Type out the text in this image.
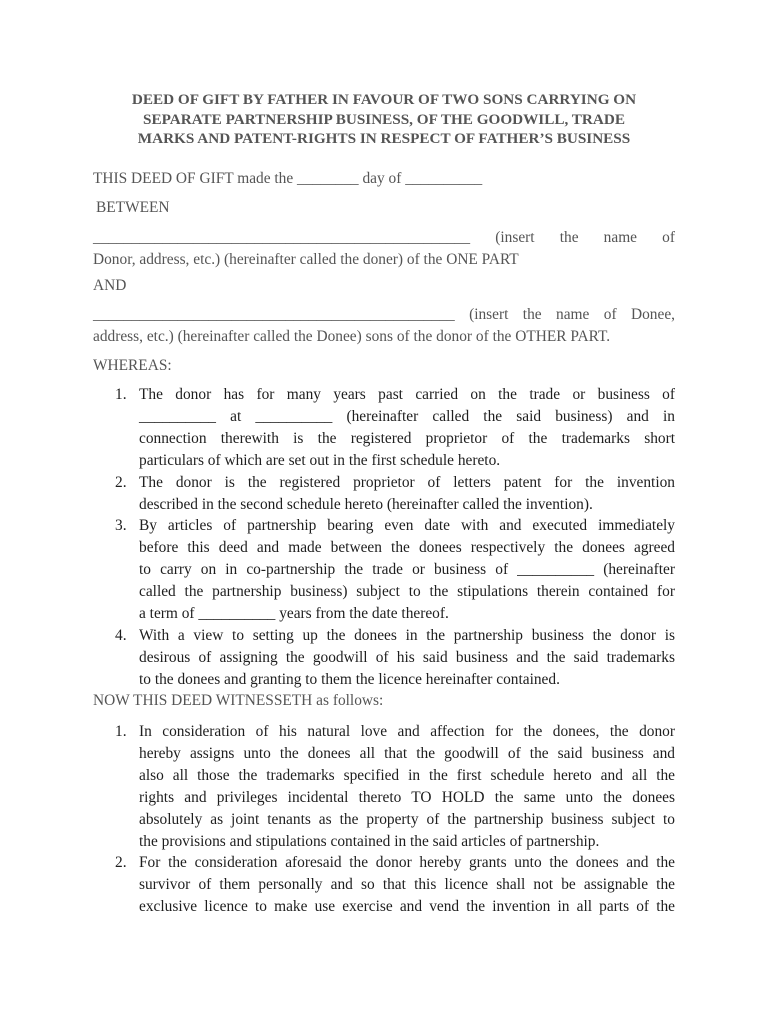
DEED OF GIFT BY FATHER IN FAVOUR OF TWO SONS CARRYING ON
SEPARATE PARTNERSHIP BUSINESS, OF THE GOODWILL, TRADE
MARKS AND PATENT-RIGHTS IN RESPECT OF FATHER’S BUSINESS
THIS DEED OF GIFT made the ________ day of __________
BETWEEN
_________________________________________________ (insert the name of
Donor, address, etc.) (hereinafter called the doner) of the ONE PART
AND
_______________________________________________ (insert the name of Donee,
address, etc.) (hereinafter called the Donee) sons of the donor of the OTHER PART.
WHEREAS:
1. The donor has for many years past carried on the trade or business of
__________ at __________ (hereinafter called the said business) and in
connection therewith is the registered proprietor of the trademarks short
particulars of which are set out in the first schedule hereto.
2. The donor is the registered proprietor of letters patent for the invention
described in the second schedule hereto (hereinafter called the invention).
3. By articles of partnership bearing even date with and executed immediately
before this deed and made between the donees respectively the donees agreed
to carry on in co-partnership the trade or business of __________ (hereinafter
called the partnership business) subject to the stipulations therein contained for
a term of __________ years from the date thereof.
4. With a view to setting up the donees in the partnership business the donor is
desirous of assigning the goodwill of his said business and the said trademarks
to the donees and granting to them the licence hereinafter contained.
NOW THIS DEED WITNESSETH as follows:
1. In consideration of his natural love and affection for the donees, the donor
hereby assigns unto the donees all that the goodwill of the said business and
also all those the trademarks specified in the first schedule hereto and all the
rights and privileges incidental thereto TO HOLD the same unto the donees
absolutely as joint tenants as the property of the partnership business subject to
the provisions and stipulations contained in the said articles of partnership.
2. For the consideration aforesaid the donor hereby grants unto the donees and the
survivor of them personally and so that this licence shall not be assignable the
exclusive licence to make use exercise and vend the invention in all parts of the
